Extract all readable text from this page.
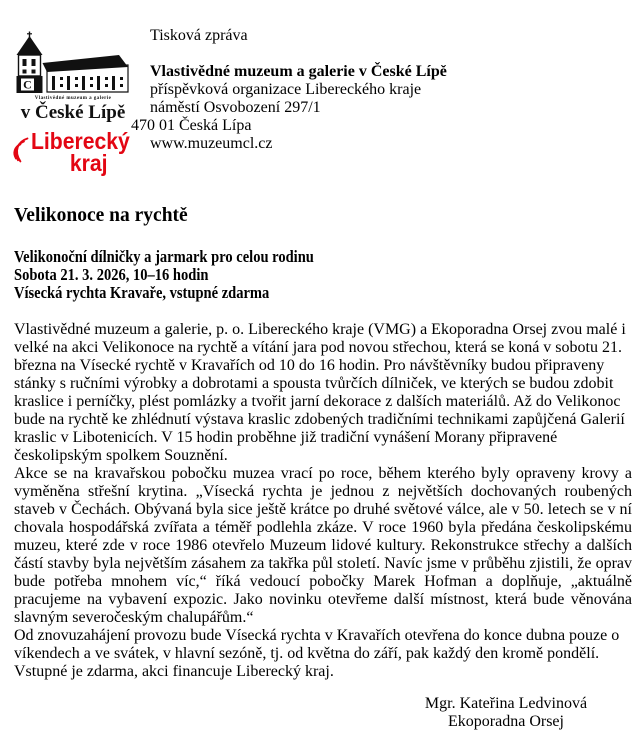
C
Vlastivědné muzeum a galerie
v České Lípě
Liberecký
kraj
Tisková zpráva
Vlastivědné muzeum a galerie v České Lípě
příspěvková organizace Libereckého kraje
náměstí Osvobození 297/1
470 01 Česká Lípa
www.muzeumcl.cz
Velikonoce na rychtě
Velikonoční dílničky a jarmark pro celou rodinu
Sobota 21. 3. 2026, 10–16 hodin
Vísecká rychta Kravaře, vstupné zdarma

Vlastivědné muzeum a galerie, p. o. Libereckého kraje (VMG) a Ekoporadna Orsej zvou malé i velké na akci Velikonoce na rychtě a vítání jara pod novou střechou, která se koná v sobotu 21. března na Vísecké rychtě v Kravařích od 10 do 16 hodin. Pro návštěvníky budou připraveny stánky s ručními výrobky a dobrotami a spousta tvůrčích dílniček, ve kterých se budou zdobit kraslice i perníčky, plést pomlázky a tvořit jarní dekorace z dalších materiálů. Až do Velikonoc bude na rychtě ke zhlédnutí výstava kraslic zdobených tradičními technikami zapůjčená Galerií kraslic v Libotenicích. V 15 hodin proběhne již tradiční vynášení Morany připravené českolipským spolkem Souznění.

Akce se na kravařskou pobočku muzea vrací po roce, během kterého byly opraveny krovy a vyměněna střešní krytina. „Vísecká rychta je jednou z největších dochovaných roubených staveb v Čechách. Obývaná byla sice ještě krátce po druhé světové válce, ale v 50. letech se v ní chovala hospodářská zvířata a téměř podlehla zkáze. V roce 1960 byla předána českolipskému muzeu, které zde v roce 1986 otevřelo Muzeum lidové kultury. Rekonstrukce střechy a dalších částí stavby byla největším zásahem za takřka půl století. Navíc jsme v průběhu zjistili, že oprav bude potřeba mnohem víc,“ říká vedoucí pobočky Marek Hofman a doplňuje, „aktuálně pracujeme na vybavení expozic. Jako novinku otevřeme další místnost, která bude věnována slavným severočeským chalupářům.“

Od znovuzahájení provozu bude Vísecká rychta v Kravařích otevřena do konce dubna pouze o víkendech a ve svátek, v hlavní sezóně, tj. od května do září, pak každý den kromě pondělí. Vstupné je zdarma, akci financuje Liberecký kraj.

Mgr. Kateřina Ledvinová
Ekoporadna Orsej
